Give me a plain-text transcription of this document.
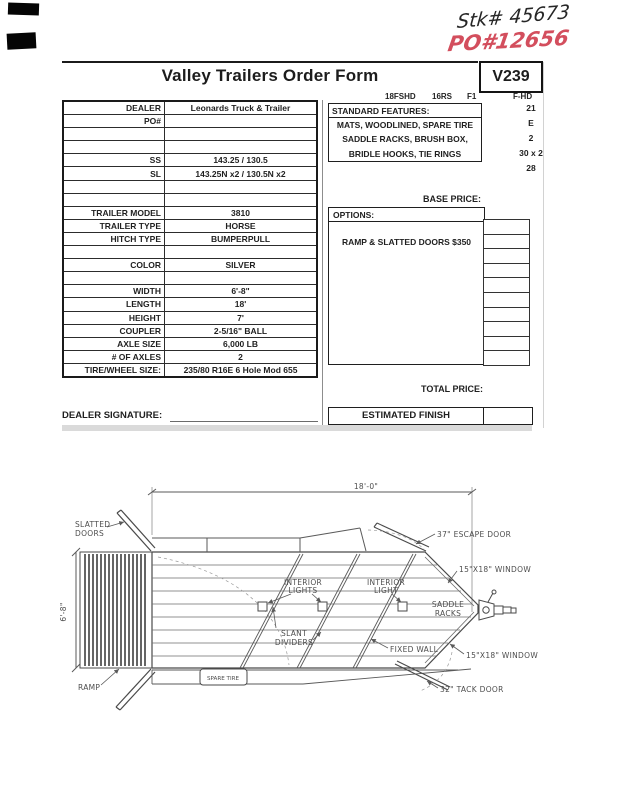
Stk# 45673
PO#12656
Valley Trailers Order Form	V239
18FSHD 16RS F1	F-HD
DEALER	Leonards Truck & Trailer
PO#	

SS	143.25 / 130.5
SL	143.25N x2 / 130.5N x2

TRAILER MODEL	3810
TRAILER TYPE	HORSE
HITCH TYPE	BUMPERPULL

COLOR	SILVER

WIDTH	6'-8"
LENGTH	18'
HEIGHT	7'
COUPLER	2-5/16" BALL
AXLE SIZE	6,000 LB
# OF AXLES	2
TIRE/WHEEL SIZE:	235/80 R16E 6 Hole Mod 655
DEALER SIGNATURE:
STANDARD FEATURES:
MATS, WOODLINED, SPARE TIRE
SADDLE RACKS, BRUSH BOX,
BRIDLE HOOKS, TIE RINGS
21
E
2
30 x 2
28
BASE PRICE:
OPTIONS:
RAMP & SLATTED DOORS $350
TOTAL PRICE:
ESTIMATED FINISH
SLATTED
DOORS
18'-0"
6'-8"
37" ESCAPE DOOR
15"X18" WINDOW
15"X18" WINDOW
INTERIOR
LIGHTS
INTERIOR
LIGHT
SADDLE
RACKS
SLANT
DIVIDERS
FIXED WALL
32" TACK DOOR
RAMP
SPARE TIRE
